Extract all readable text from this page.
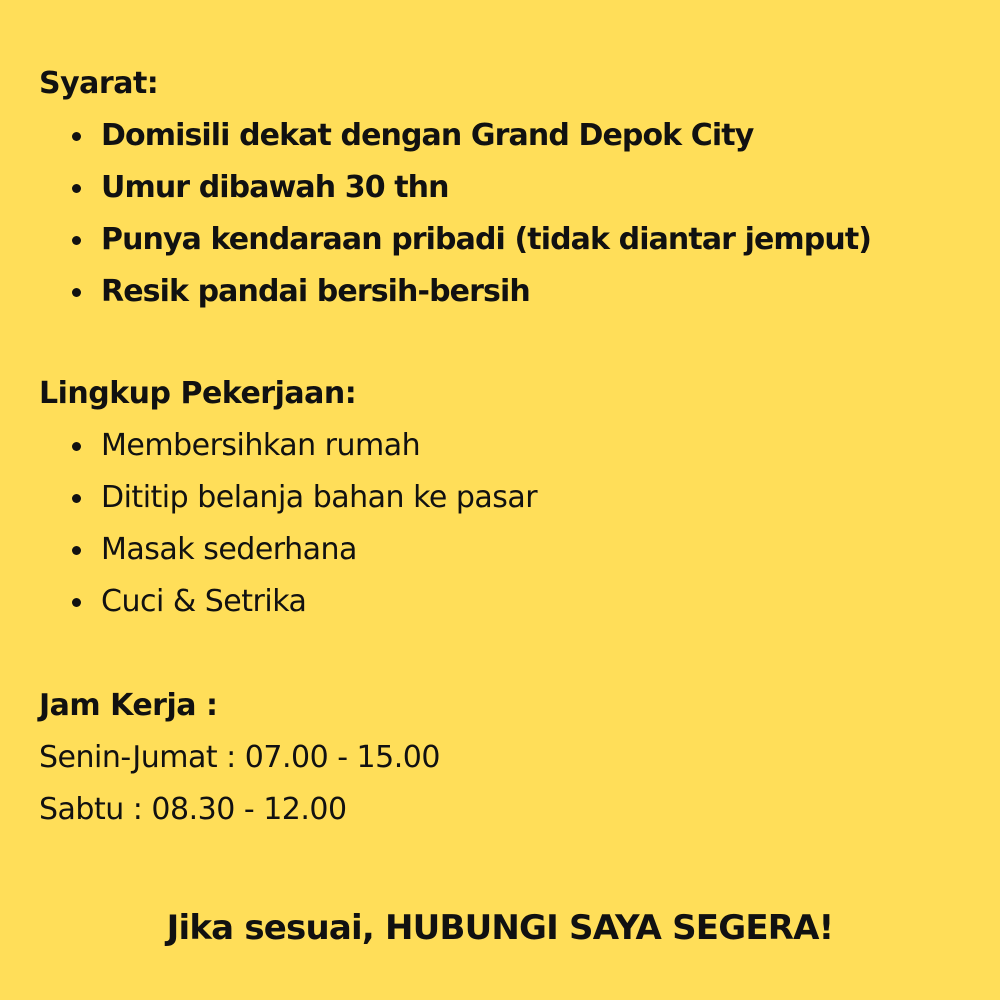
Syarat:
Domisili dekat dengan Grand Depok City
Umur dibawah 30 thn
Punya kendaraan pribadi (tidak diantar jemput)
Resik pandai bersih-bersih
Lingkup Pekerjaan:
Membersihkan rumah
Dititip belanja bahan ke pasar
Masak sederhana
Cuci & Setrika
Jam Kerja :
Senin-Jumat : 07.00 - 15.00
Sabtu : 08.30 - 12.00
Jika sesuai, HUBUNGI SAYA SEGERA!
